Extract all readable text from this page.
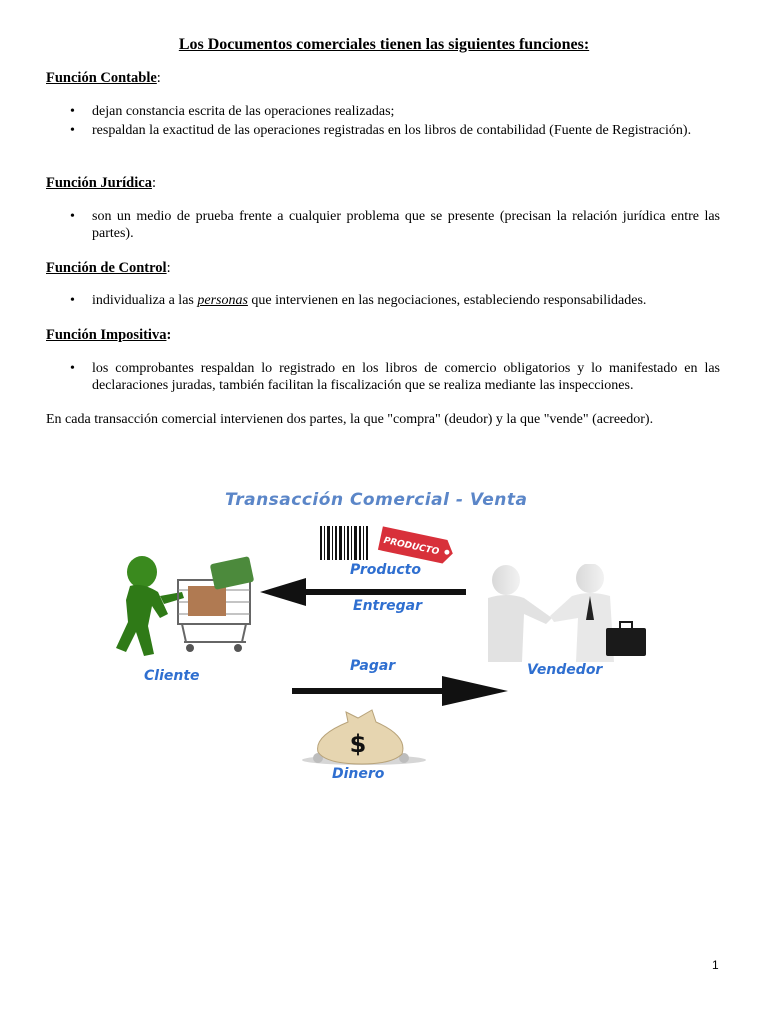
Los Documentos comerciales tienen las siguientes funciones:
Función Contable:
• dejan constancia escrita de las operaciones realizadas;
• respaldan la exactitud de las operaciones registradas en los libros de contabilidad (Fuente de Registración).
Función Jurídica:
• son un medio de prueba frente a cualquier problema que se presente (precisan la relación jurídica entre las partes).
Función de Control:
• individualiza a las personas que intervienen en las negociaciones, estableciendo responsabilidades.
Función Impositiva:
• los comprobantes respaldan lo registrado en los libros de comercio obligatorios y lo manifestado en las declaraciones juradas, también facilitan la fiscalización que se realiza mediante las inspecciones.
En cada transacción comercial intervienen dos partes, la que "compra" (deudor) y la que "vende" (acreedor).
Transacción Comercial - Venta
PRODUCTO
Producto
Entregar
Cliente	Vendedor
Pagar
$
Dinero
1
